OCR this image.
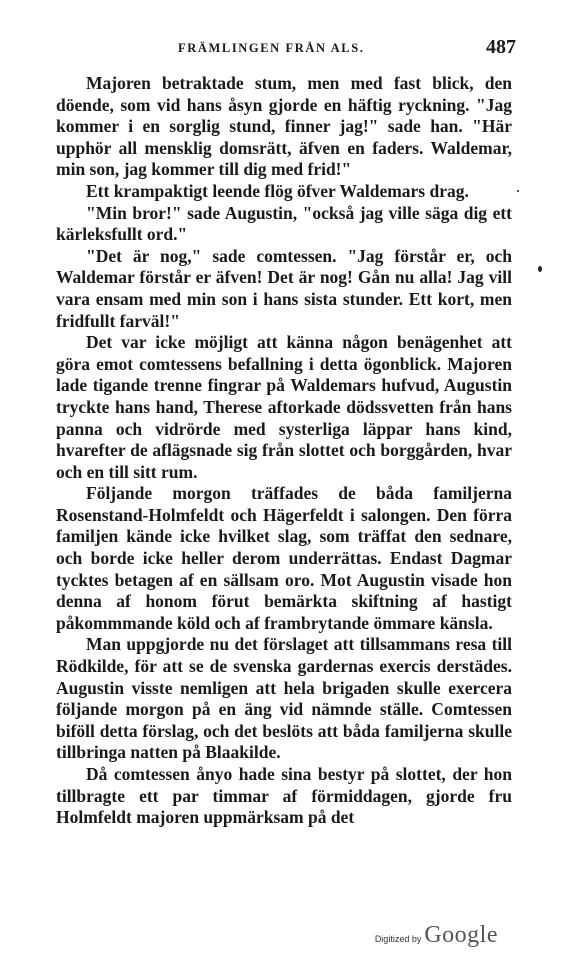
FRÄMLINGEN FRÅN ALS.	487

Majoren betraktade stum, men med fast blick, den döende, som vid hans åsyn gjorde en häftig ryckning. "Jag kommer i en sorglig stund, finner jag!" sade han. "Här upphör all mensklig domsrätt, äfven en faders. Waldemar, min son, jag kommer till dig med frid!"

Ett krampaktigt leende flög öfver Waldemars drag.

"Min bror!" sade Augustin, "också jag ville säga dig ett kärleksfullt ord."

"Det är nog," sade comtessen. "Jag förstår er, och Waldemar förstår er äfven! Det är nog! Gån nu alla! Jag vill vara ensam med min son i hans sista stunder. Ett kort, men fridfullt farväl!"

Det var icke möjligt att känna någon benägenhet att göra emot comtessens befallning i detta ögonblick. Majoren lade tigande trenne fingrar på Waldemars hufvud, Augustin tryckte hans hand, Therese aftorkade dödssvetten från hans panna och vidrörde med systerliga läppar hans kind, hvarefter de aflägsnade sig från slottet och borggården, hvar och en till sitt rum.

Följande morgon träffades de båda familjerna Rosenstand-Holmfeldt och Hägerfeldt i salongen. Den förra familjen kände icke hvilket slag, som träffat den sednare, och borde icke heller derom underrättas. Endast Dagmar tycktes betagen af en sällsam oro. Mot Augustin visade hon denna af honom förut bemärkta skiftning af hastigt påkommmande köld och af frambrytande ömmare känsla.

Man uppgjorde nu det förslaget att tillsammans resa till Rödkilde, för att se de svenska gardernas exercis derstädes. Augustin visste nemligen att hela brigaden skulle exercera följande morgon på en äng vid nämnde ställe. Comtessen biföll detta förslag, och det beslöts att båda familjerna skulle tillbringa natten på Blaakilde.

Då comtessen ånyo hade sina bestyr på slottet, der hon tillbragte ett par timmar af förmiddagen, gjorde fru Holmfeldt majoren uppmärksam på det

Digitized by Google
